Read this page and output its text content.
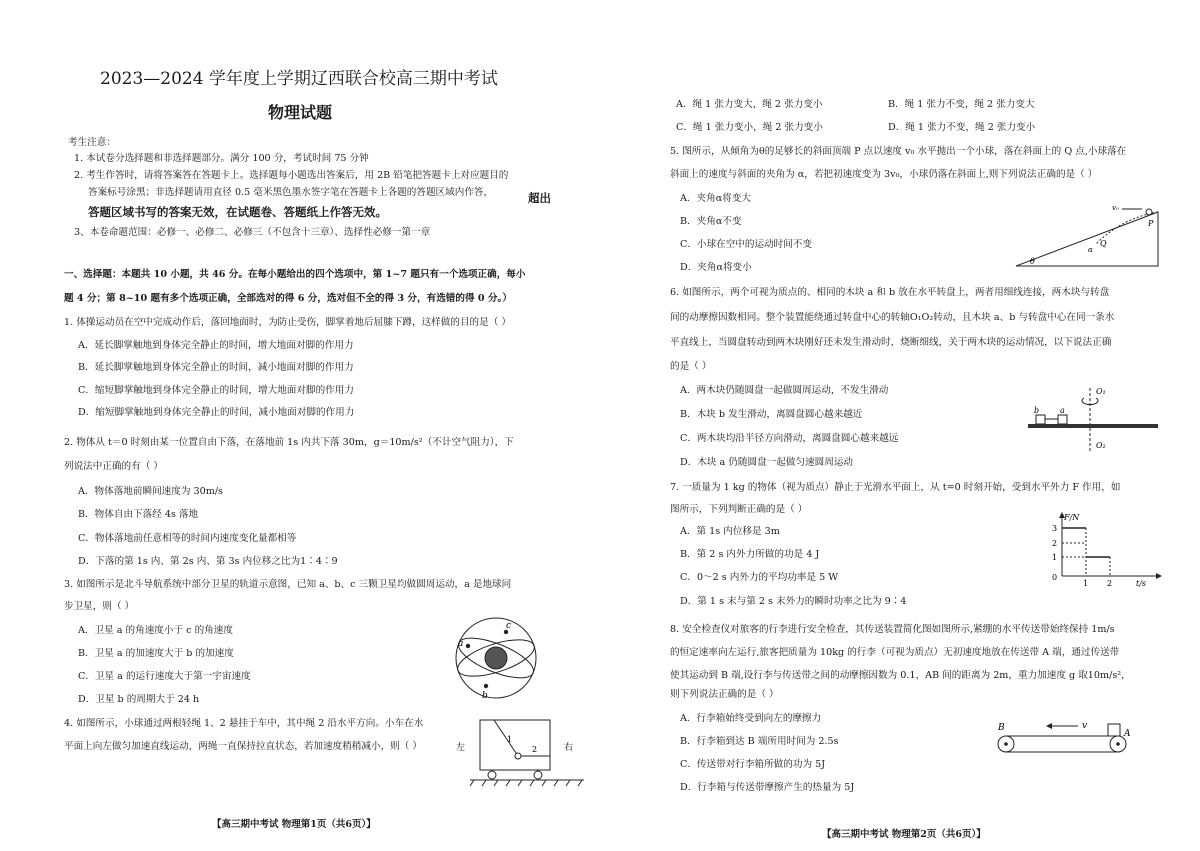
2023—2024 学年度上学期辽西联合校高三期中考试
物理试题
考生注意：
1. 本试卷分选择题和非选择题部分。满分 100 分，考试时间 75 分钟
2. 考生作答时，请将答案答在答题卡上。选择题每小题选出答案后，用 2B 铅笔把答题卡上对应题目的
答案标号涂黑；非选择题请用直径 0.5 毫米黑色墨水签字笔在答题卡上各题的答题区域内作答，	超出
答题区域书写的答案无效，在试题卷、答题纸上作答无效。
3、本卷命题范围：必修一、必修二、必修三（不包含十三章）、选择性必修一第一章
一、选择题：本题共 10 小题，共 46 分。在每小题给出的四个选项中，第 1~7 题只有一个选项正确，每小
题 4 分；第 8~10 题有多个选项正确，全部选对的得 6 分，选对但不全的得 3 分，有选错的得 0 分。）
1. 体操运动员在空中完成动作后，落回地面时，为防止受伤，脚掌着地后屈膝下蹲，这样做的目的是（ ）
A．延长脚掌触地到身体完全静止的时间，增大地面对脚的作用力
B．延长脚掌触地到身体完全静止的时间，减小地面对脚的作用力
C．缩短脚掌触地到身体完全静止的时间，增大地面对脚的作用力
D．缩短脚掌触地到身体完全静止的时间，减小地面对脚的作用力
2. 物体从 t＝0 时刻由某一位置自由下落，在落地前 1s 内共下落 30m，g＝10m/s²（不计空气阻力），下
列说法中正确的有（ ）
A．物体落地前瞬间速度为 30m/s
B．物体自由下落经 4s 落地
C．物体落地前任意相等的时间内速度变化量都相等
D．下落的第 1s 内、第 2s 内、第 3s 内位移之比为1∶4∶9
3. 如图所示是北斗导航系统中部分卫星的轨道示意图，已知 a、b、c 三颗卫星均做圆周运动，a 是地球同
步卫星，则（ ）
A．卫星 a 的角速度小于 c 的角速度
B．卫星 a 的加速度大于 b 的加速度
C．卫星 a 的运行速度大于第一宇宙速度
D．卫星 b 的周期大于 24 h
a
b
c
4. 如图所示，小球通过两根轻绳 1、2 悬挂于车中，其中绳 2 沿水平方向。小车在水
平面上向左做匀加速直线运动，两绳一直保持拉直状态，若加速度稍稍减小，则（ ）	左	右
1
2
【高三期中考试 物理第1页（共6页）】
A．绳 1 张力变大，绳 2 张力变小	B．绳 1 张力不变，绳 2 张力变大
C．绳 1 张力变小，绳 2 张力变小	D．绳 1 张力不变，绳 2 张力变小
5. 图所示，从倾角为θ的足够长的斜面顶端 P 点以速度 v₀ 水平抛出一个小球，落在斜面上的 Q 点,小球落在
斜面上的速度与斜面的夹角为 α，若把初速度变为 3v₀，小球仍落在斜面上,则下列说法正确的是（ ）
A．夹角α将变大
B．夹角α不变
C．小球在空中的运动时间不变
D．夹角α将变小
v₀
P
Q
α
θ
6. 如图所示，两个可视为质点的、相同的木块 a 和 b 放在水平转盘上，两者用细线连接，两木块与转盘
间的动摩擦因数相同。整个装置能绕通过转盘中心的转轴O₁O₂转动，且木块 a、b 与转盘中心在同一条水
平直线上，当圆盘转动到两木块刚好还未发生滑动时，烧断细线，关于两木块的运动情况，以下说法正确
的是（ ）
A．两木块仍随圆盘一起做圆周运动，不发生滑动
B．木块 b 发生滑动，离圆盘圆心越来越近
C．两木块均沿半径方向滑动，离圆盘圆心越来越远
D．木块 a 仍随圆盘一起做匀速圆周运动
O₁
O₂
a
b
7. 一质量为 1 kg 的物体（视为质点）静止于光滑水平面上，从 t=0 时刻开始，受到水平外力 F 作用，如
图所示，下列判断正确的是（ ）
A．第 1s 内位移是 3m
B．第 2 s 内外力所做的功是 4 J
C．0～2 s 内外力的平均功率是 5 W
D．第 1 s 末与第 2 s 末外力的瞬时功率之比为 9∶4
F/N
3
2
1
0
1 2	t/s
8. 安全检查仪对旅客的行李进行安全检查，其传送装置简化图如图所示,紧绷的水平传送带始终保持 1m/s
的恒定速率向左运行,旅客把质量为 10kg 的行李（可视为质点）无初速度地放在传送带 A 端，通过传送带
使其运动到 B 端,设行李与传送带之间的动摩擦因数为 0.1，AB 间的距离为 2m，重力加速度 g 取10m/s²，
则下列说法正确的是（ ）
A．行李箱始终受到向左的摩擦力
B．行李箱到达 B 端所用时间为 2.5s
C．传送带对行李箱所做的功为 5J
D．行李箱与传送带摩擦产生的热量为 5J
B
A
v
【高三期中考试 物理第2页（共6页）】
